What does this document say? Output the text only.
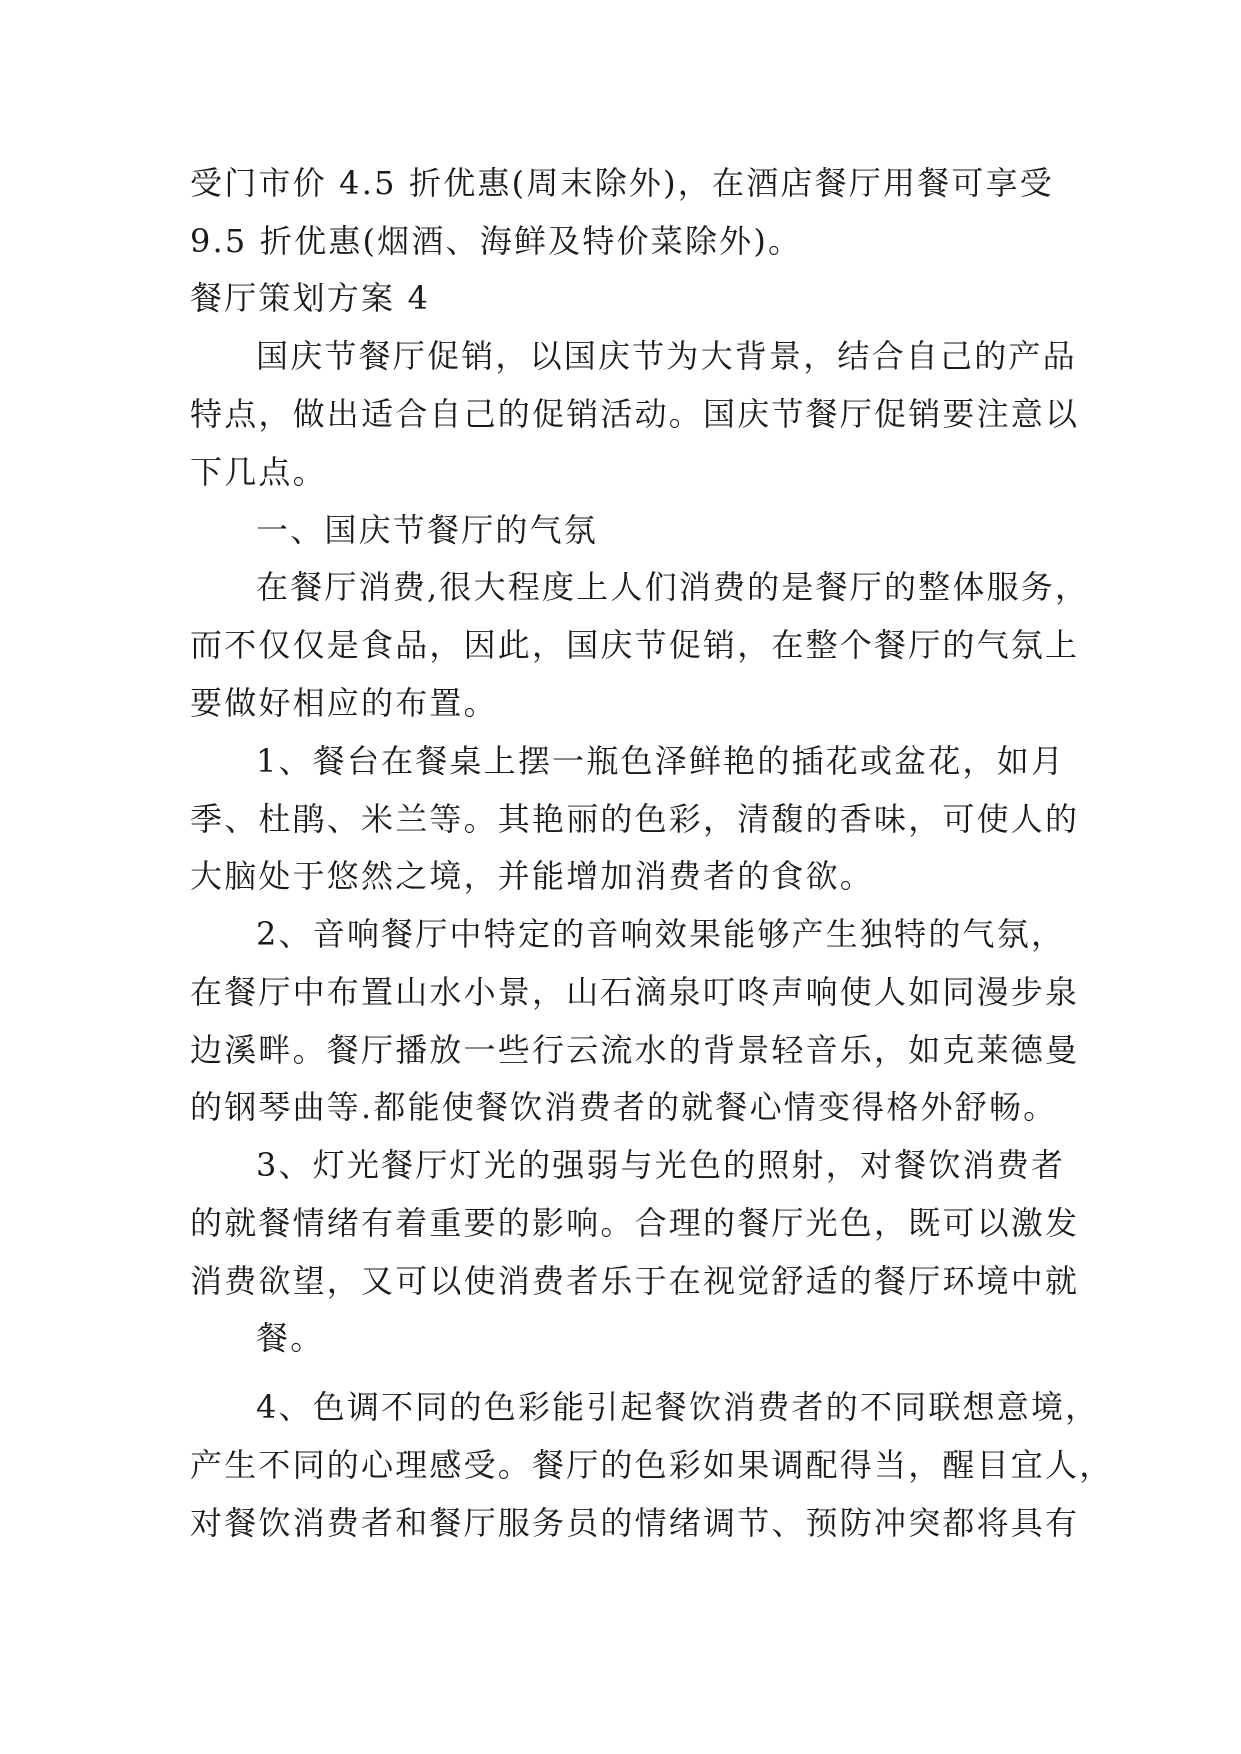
受门市价 4.5 折优惠(周末除外)，在酒店餐厅用餐可享受
9.5 折优惠(烟酒、海鲜及特价菜除外)。
餐厅策划方案 4
国庆节餐厅促销，以国庆节为大背景，结合自己的产品
特点，做出适合自己的促销活动。国庆节餐厅促销要注意以
下几点。
一、国庆节餐厅的气氛
在餐厅消费,很大程度上人们消费的是餐厅的整体服务，
而不仅仅是食品，因此，国庆节促销，在整个餐厅的气氛上
要做好相应的布置。
1、餐台在餐桌上摆一瓶色泽鲜艳的插花或盆花，如月
季、杜鹃、米兰等。其艳丽的色彩，清馥的香味，可使人的
大脑处于悠然之境，并能增加消费者的食欲。
2、音响餐厅中特定的音响效果能够产生独特的气氛，
在餐厅中布置山水小景，山石滴泉叮咚声响使人如同漫步泉
边溪畔。餐厅播放一些行云流水的背景轻音乐，如克莱德曼
的钢琴曲等.都能使餐饮消费者的就餐心情变得格外舒畅。
3、灯光餐厅灯光的强弱与光色的照射，对餐饮消费者
的就餐情绪有着重要的影响。合理的餐厅光色，既可以激发
消费欲望，又可以使消费者乐于在视觉舒适的餐厅环境中就
餐。
4、色调不同的色彩能引起餐饮消费者的不同联想意境，
产生不同的心理感受。餐厅的色彩如果调配得当，醒目宜人，
对餐饮消费者和餐厅服务员的情绪调节、预防冲突都将具有
